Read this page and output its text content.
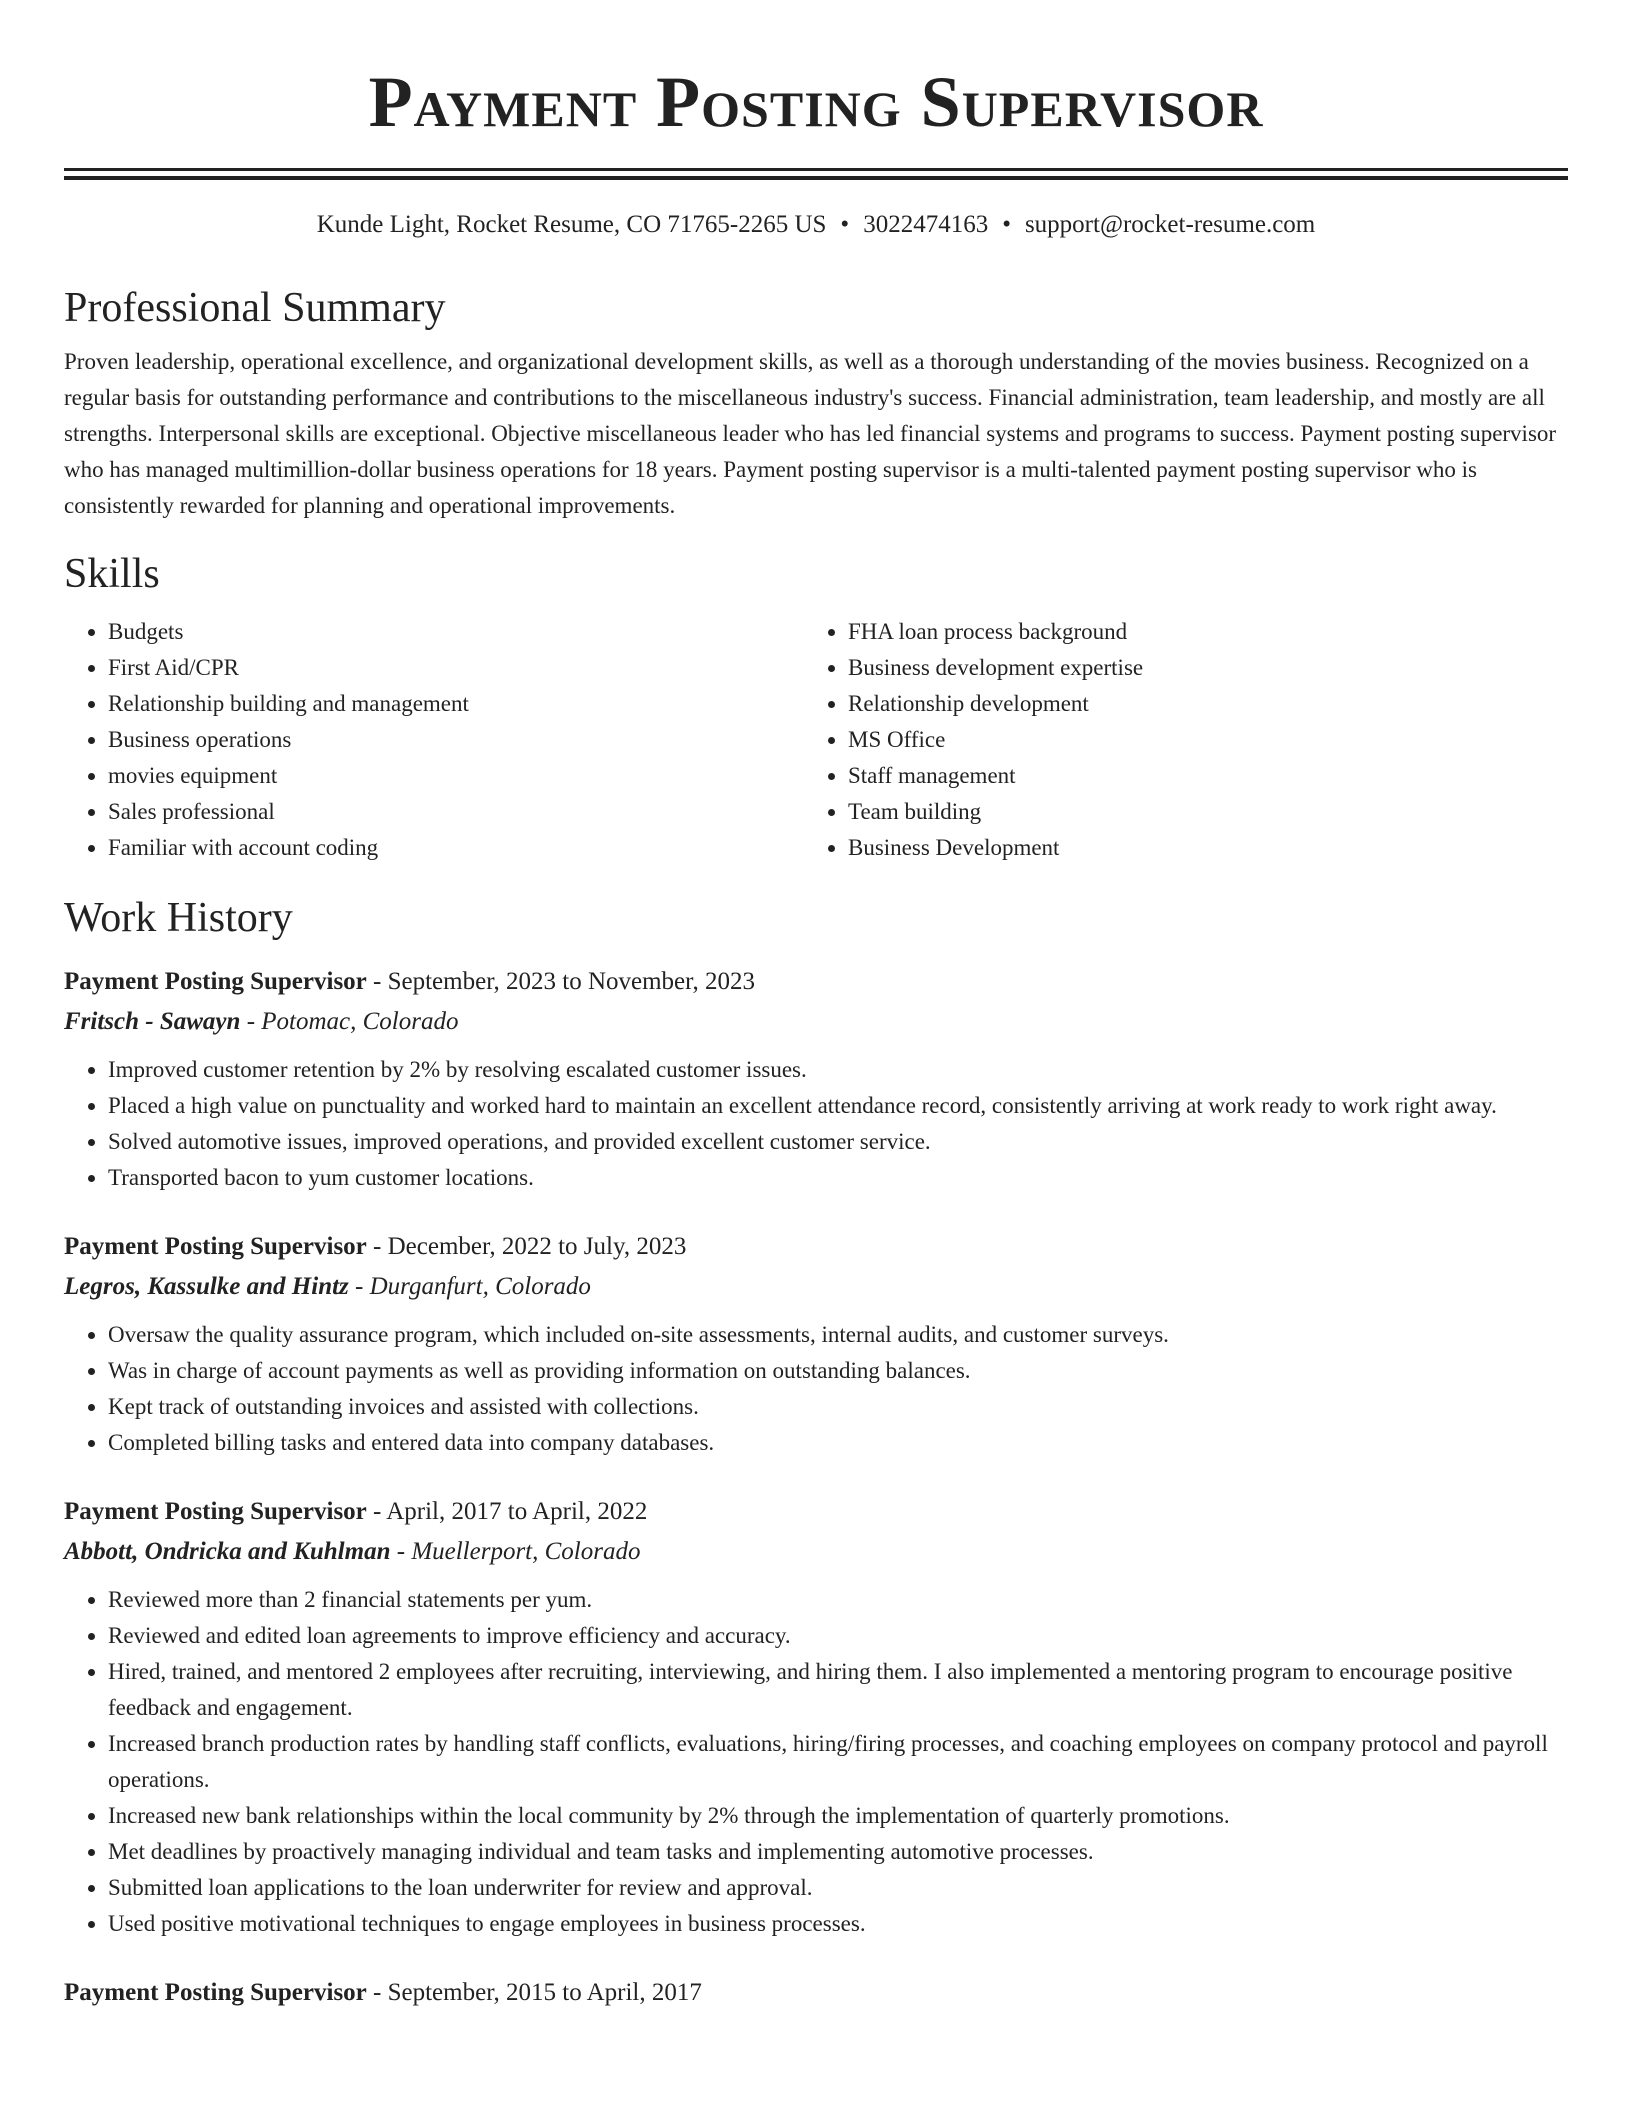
Payment Posting Supervisor
Kunde Light, Rocket Resume, CO 71765-2265 US • 3022474163 • support@rocket-resume.com
Professional Summary

Proven leadership, operational excellence, and organizational development skills, as well as a thorough understanding of the movies business. Recognized on a regular basis for outstanding performance and contributions to the miscellaneous industry's success. Financial administration, team leadership, and mostly are all strengths. Interpersonal skills are exceptional. Objective miscellaneous leader who has led financial systems and programs to success. Payment posting supervisor who has managed multimillion-dollar business operations for 18 years. Payment posting supervisor is a multi-talented payment posting supervisor who is consistently rewarded for planning and operational improvements.

Skills
• Budgets
• First Aid/CPR
• Relationship building and management
• Business operations
• movies equipment
• Sales professional
• Familiar with account coding
• FHA loan process background
• Business development expertise
• Relationship development
• MS Office
• Staff management
• Team building
• Business Development
Work History
Payment Posting Supervisor - September, 2023 to November, 2023
Fritsch - Sawayn - Potomac, Colorado
• Improved customer retention by 2% by resolving escalated customer issues.
• Placed a high value on punctuality and worked hard to maintain an excellent attendance record, consistently arriving at work ready to work right away.
• Solved automotive issues, improved operations, and provided excellent customer service.
• Transported bacon to yum customer locations.
Payment Posting Supervisor - December, 2022 to July, 2023
Legros, Kassulke and Hintz - Durganfurt, Colorado
• Oversaw the quality assurance program, which included on-site assessments, internal audits, and customer surveys.
• Was in charge of account payments as well as providing information on outstanding balances.
• Kept track of outstanding invoices and assisted with collections.
• Completed billing tasks and entered data into company databases.
Payment Posting Supervisor - April, 2017 to April, 2022
Abbott, Ondricka and Kuhlman - Muellerport, Colorado
• Reviewed more than 2 financial statements per yum.
• Reviewed and edited loan agreements to improve efficiency and accuracy.
• Hired, trained, and mentored 2 employees after recruiting, interviewing, and hiring them. I also implemented a mentoring program to encourage positive feedback and engagement.
• Increased branch production rates by handling staff conflicts, evaluations, hiring/firing processes, and coaching employees on company protocol and payroll operations.
• Increased new bank relationships within the local community by 2% through the implementation of quarterly promotions.
• Met deadlines by proactively managing individual and team tasks and implementing automotive processes.
• Submitted loan applications to the loan underwriter for review and approval.
• Used positive motivational techniques to engage employees in business processes.
Payment Posting Supervisor - September, 2015 to April, 2017
